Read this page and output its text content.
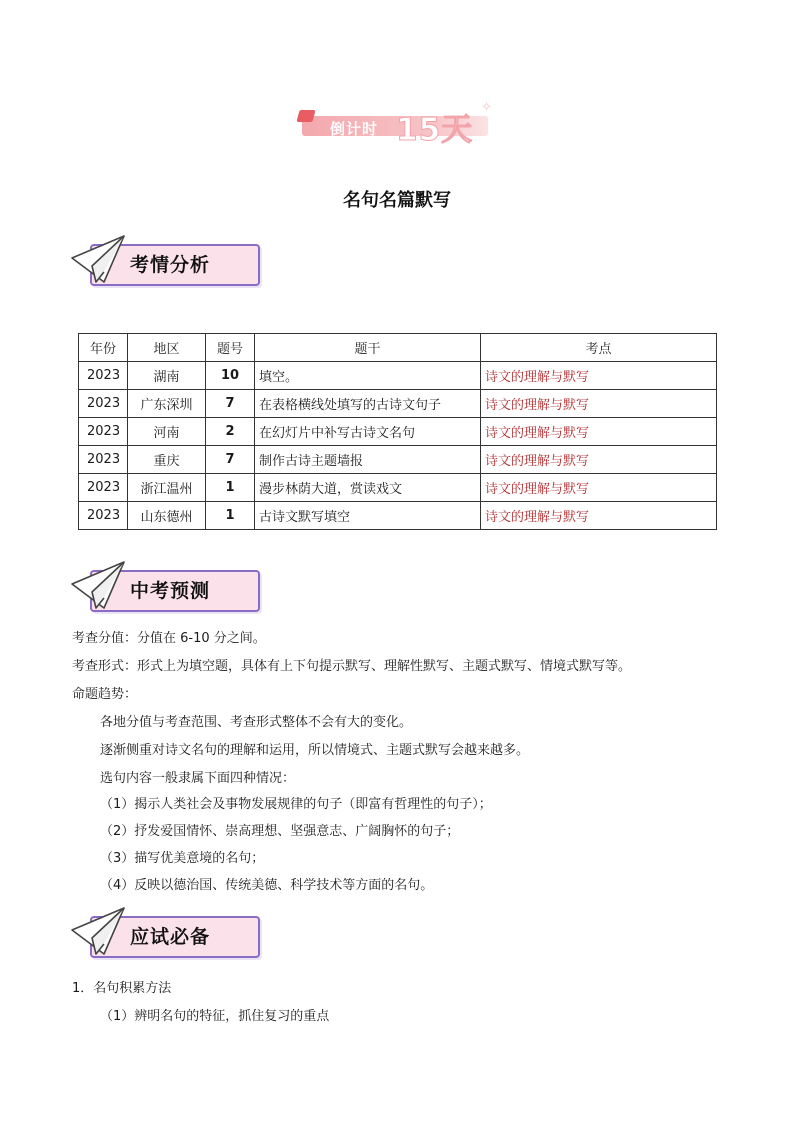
倒计时 15天
✧
名句名篇默写
考情分析
年份	地区	题号	题干	考点
2023	湖南	10	填空。	诗文的理解与默写
2023	广东深圳	7	在表格横线处填写的古诗文句子	诗文的理解与默写
2023	河南	2	在幻灯片中补写古诗文名句	诗文的理解与默写
2023	重庆	7	制作古诗主题墙报	诗文的理解与默写
2023	浙江温州	1	漫步林荫大道，赏读戏文	诗文的理解与默写
2023	山东德州	1	古诗文默写填空	诗文的理解与默写
中考预测
考查分值：分值在 6-10 分之间。
考查形式：形式上为填空题，具体有上下句提示默写、理解性默写、主题式默写、情境式默写等。
命题趋势：
各地分值与考查范围、考查形式整体不会有大的变化。
逐渐侧重对诗文名句的理解和运用，所以情境式、主题式默写会越来越多。
选句内容一般隶属下面四种情况：
（1）揭示人类社会及事物发展规律的句子（即富有哲理性的句子）；
（2）抒发爱国情怀、崇高理想、坚强意志、广阔胸怀的句子；
（3）描写优美意境的名句；
（4）反映以德治国、传统美德、科学技术等方面的名句。
应试必备
1．名句积累方法
（1）辨明名句的特征，抓住复习的重点
